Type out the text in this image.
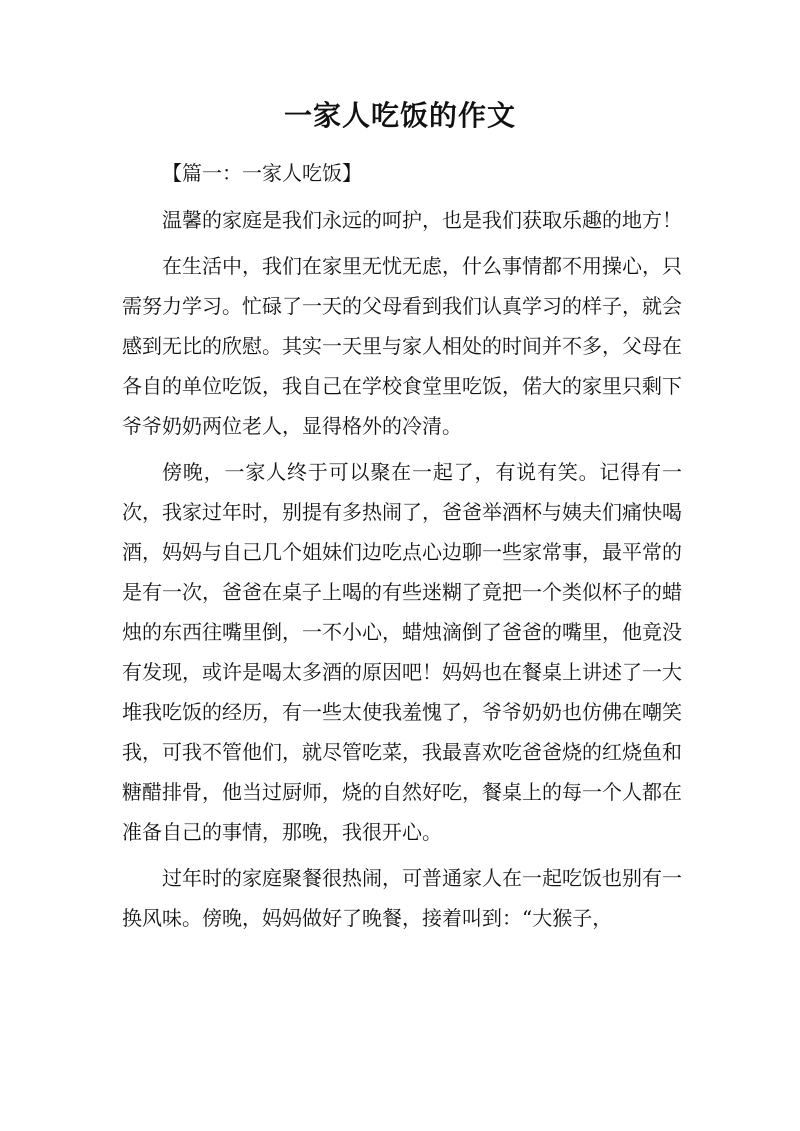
一家人吃饭的作文
【篇一：一家人吃饭】

温馨的家庭是我们永远的呵护，也是我们获取乐趣的地方！

在生活中，我们在家里无忧无虑，什么事情都不用操心，只需努力学习。忙碌了一天的父母看到我们认真学习的样子，就会感到无比的欣慰。其实一天里与家人相处的时间并不多，父母在各自的单位吃饭，我自己在学校食堂里吃饭，偌大的家里只剩下爷爷奶奶两位老人，显得格外的冷清。

傍晚，一家人终于可以聚在一起了，有说有笑。记得有一次，我家过年时，别提有多热闹了，爸爸举酒杯与姨夫们痛快喝酒，妈妈与自己几个姐妹们边吃点心边聊一些家常事，最平常的是有一次，爸爸在桌子上喝的有些迷糊了竟把一个类似杯子的蜡烛的东西往嘴里倒，一不小心，蜡烛滴倒了爸爸的嘴里，他竟没有发现，或许是喝太多酒的原因吧！妈妈也在餐桌上讲述了一大堆我吃饭的经历，有一些太使我羞愧了，爷爷奶奶也仿佛在嘲笑我，可我不管他们，就尽管吃菜，我最喜欢吃爸爸烧的红烧鱼和糖醋排骨，他当过厨师，烧的自然好吃，餐桌上的每一个人都在准备自己的事情，那晚，我很开心。

过年时的家庭聚餐很热闹，可普通家人在一起吃饭也别有一换风味。傍晚，妈妈做好了晚餐，接着叫到：“大猴子，
